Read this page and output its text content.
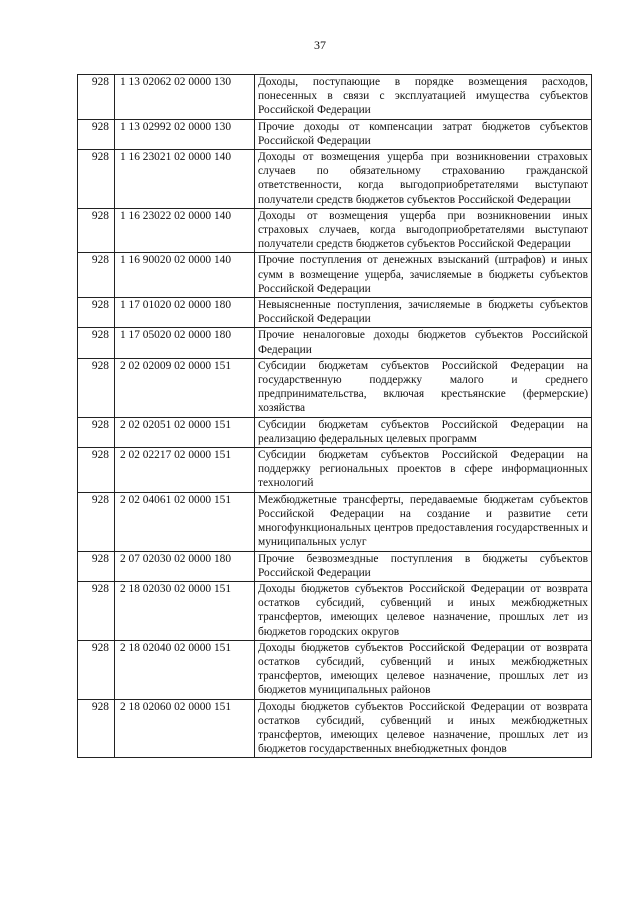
37
928	1 13 02062 02 0000 130	Доходы, поступающие в порядке возмещения расходов, понесенных в связи с эксплуатацией имущества субъектов Российской Федерации
928	1 13 02992 02 0000 130	Прочие доходы от компенсации затрат бюджетов субъектов Российской Федерации
928	1 16 23021 02 0000 140	Доходы от возмещения ущерба при возникновении страховых случаев по обязательному страхованию гражданской ответственности, когда выгодоприобретателями выступают получатели средств бюджетов субъектов Российской Федерации
928	1 16 23022 02 0000 140	Доходы от возмещения ущерба при возникновении иных страховых случаев, когда выгодоприобретателями выступают получатели средств бюджетов субъектов Российской Федерации
928	1 16 90020 02 0000 140	Прочие поступления от денежных взысканий (штрафов) и иных сумм в возмещение ущерба, зачисляемые в бюджеты субъектов Российской Федерации
928	1 17 01020 02 0000 180	Невыясненные поступления, зачисляемые в бюджеты субъектов Российской Федерации
928	1 17 05020 02 0000 180	Прочие неналоговые доходы бюджетов субъектов Российской Федерации
928	2 02 02009 02 0000 151	Субсидии бюджетам субъектов Российской Федерации на государственную поддержку малого и среднего предпринимательства, включая крестьянские (фермерские) хозяйства
928	2 02 02051 02 0000 151	Субсидии бюджетам субъектов Российской Федерации на реализацию федеральных целевых программ
928	2 02 02217 02 0000 151	Субсидии бюджетам субъектов Российской Федерации на поддержку региональных проектов в сфере информационных технологий
928	2 02 04061 02 0000 151	Межбюджетные трансферты, передаваемые бюджетам субъектов Российской Федерации на создание и развитие сети многофункциональных центров предоставления государственных и муниципальных услуг
928	2 07 02030 02 0000 180	Прочие безвозмездные поступления в бюджеты субъектов Российской Федерации
928	2 18 02030 02 0000 151	Доходы бюджетов субъектов Российской Федерации от возврата остатков субсидий, субвенций и иных межбюджетных трансфертов, имеющих целевое назначение, прошлых лет из бюджетов городских округов
928	2 18 02040 02 0000 151	Доходы бюджетов субъектов Российской Федерации от возврата остатков субсидий, субвенций и иных межбюджетных трансфертов, имеющих целевое назначение, прошлых лет из бюджетов муниципальных районов
928	2 18 02060 02 0000 151	Доходы бюджетов субъектов Российской Федерации от возврата остатков субсидий, субвенций и иных межбюджетных трансфертов, имеющих целевое назначение, прошлых лет из бюджетов государственных внебюджетных фондов
